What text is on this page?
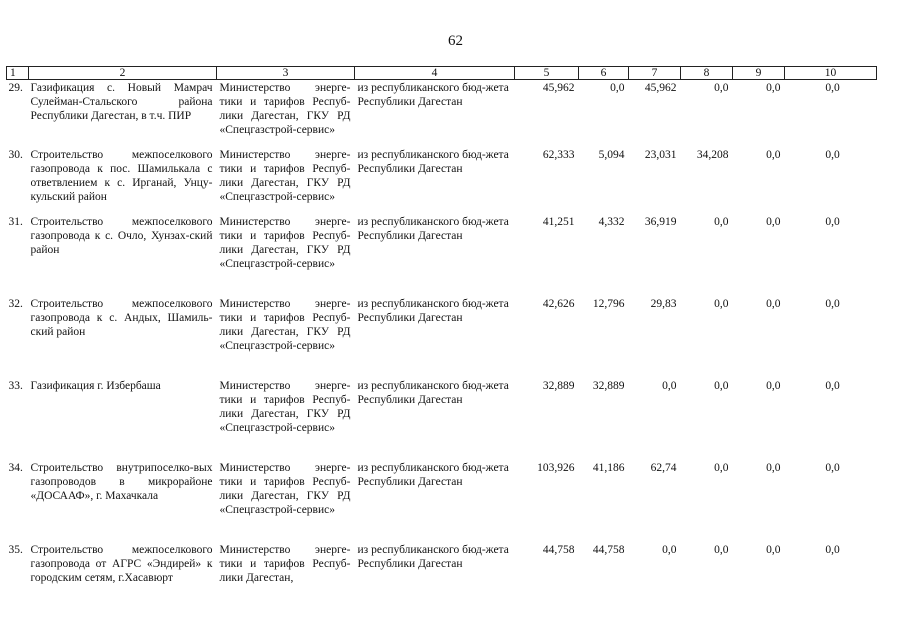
62
1	2	3	4	5	6	7	8	9	10
29.	Газификация с. Новый Мамрач Сулейман-Стальского района Республики Дагестан, в т.ч. ПИР	Министерство энерге-тики и тарифов Респуб-лики Дагестан, ГКУ РД «Спецгазстрой-сервис»	из республиканского бюд-жета Республики Дагестан	45,962	0,0	45,962	0,0	0,0	0,0
30.	Строительство межпоселкового газопровода к пос. Шамилькала с ответвлением к с. Ирганай, Унцу-кульский район	Министерство энерге-тики и тарифов Респуб-лики Дагестан, ГКУ РД «Спецгазстрой-сервис»	из республиканского бюд-жета Республики Дагестан	62,333	5,094	23,031	34,208	0,0	0,0
31.	Строительство межпоселкового газопровода к с. Очло, Хунзах-ский район	Министерство энерге-тики и тарифов Респуб-лики Дагестан, ГКУ РД «Спецгазстрой-сервис»	из республиканского бюд-жета Республики Дагестан	41,251	4,332	36,919	0,0	0,0	0,0
32.	Строительство межпоселкового газопровода к с. Андых, Шамиль-ский район	Министерство энерге-тики и тарифов Респуб-лики Дагестан, ГКУ РД «Спецгазстрой-сервис»	из республиканского бюд-жета Республики Дагестан	42,626	12,796	29,83	0,0	0,0	0,0
33.	Газификация г. Избербаша	Министерство энерге-тики и тарифов Респуб-лики Дагестан, ГКУ РД «Спецгазстрой-сервис»	из республиканского бюд-жета Республики Дагестан	32,889	32,889	0,0	0,0	0,0	0,0
34.	Строительство внутрипоселко-вых газопроводов в микрорайоне «ДОСААФ», г. Махачкала	Министерство энерге-тики и тарифов Респуб-лики Дагестан, ГКУ РД «Спецгазстрой-сервис»	из республиканского бюд-жета Республики Дагестан	103,926	41,186	62,74	0,0	0,0	0,0
35.	Строительство межпоселкового газопровода от АГРС «Эндирей» к городским сетям, г.Хасавюрт	Министерство энерге-тики и тарифов Респуб-лики Дагестан,	из республиканского бюд-жета Республики Дагестан	44,758	44,758	0,0	0,0	0,0	0,0
